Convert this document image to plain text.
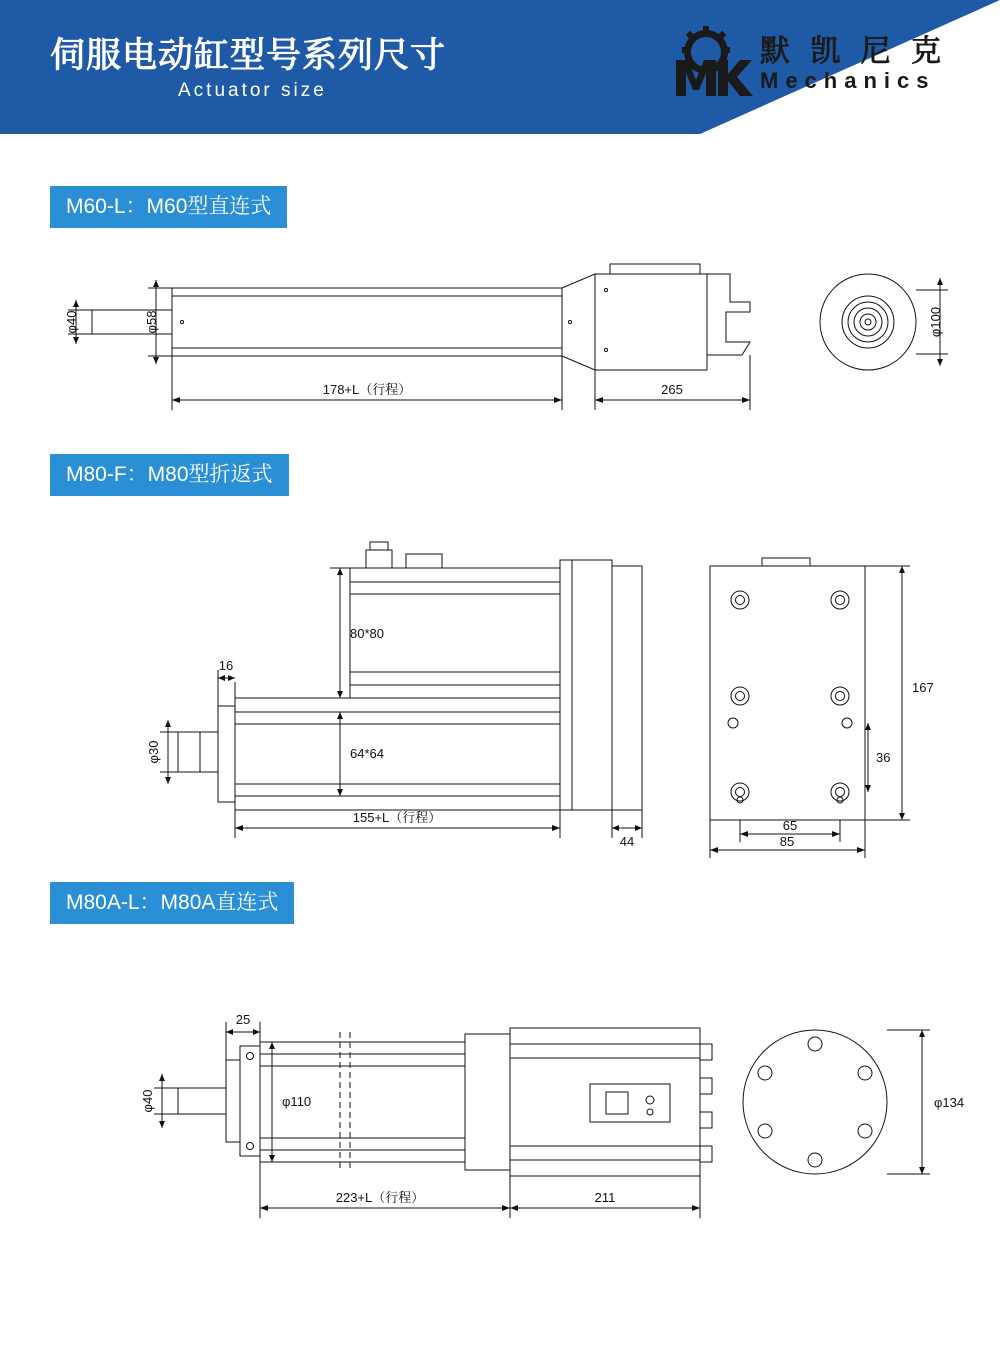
伺服电动缸型号系列尺寸
Actuator size
默 凯 尼 克
Mechanics
M60-L：M60型直连式
φ40	φ58
178+L（行程）	265
φ100
M80-F：M80型折返式
80*80
64*64
16
φ30
155+L（行程）
44
167
36
65
85
M80A-L：M80A直连式
25
φ40	φ110
223+L（行程）	211
φ134
